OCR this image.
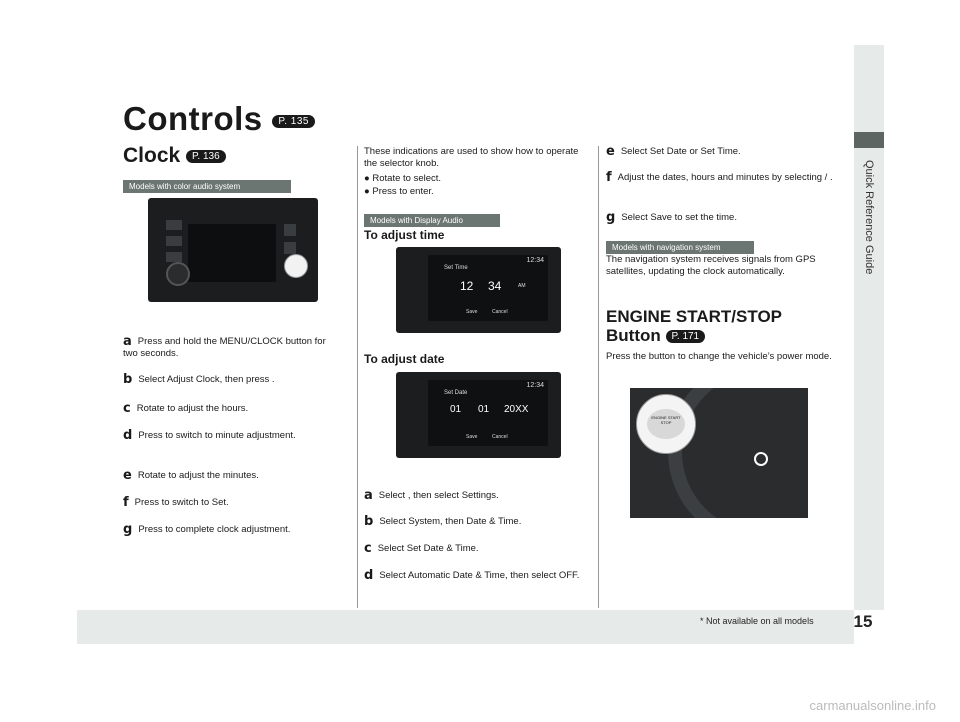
Quick Reference Guide
15
* Not available on all models
carmanualsonline.info
Controls P. 135
Clock P. 136
Models with color audio system
a Press and hold the MENU/CLOCK button for two seconds.
b Select Adjust Clock, then press .
c Rotate to adjust the hours.
d Press to switch to minute adjustment.
e Rotate to adjust the minutes.
f Press to switch to Set.
g Press to complete clock adjustment.
These indications are used to show how to operate the selector knob.
● Rotate to select.
● Press to enter.
Models with Display Audio
To adjust time
12:34
Set Time
12 34	AM
Save	Cancel
To adjust date
12:34
Set Date
01 01 20XX
Save	Cancel
a Select , then select Settings.
b Select System, then Date & Time.
c Select Set Date & Time.
d Select Automatic Date & Time, then select OFF.
e Select Set Date or Set Time.
f Adjust the dates, hours and minutes by selecting / .
g Select Save to set the time.
Models with navigation system
The navigation system receives signals from GPS satellites, updating the clock automatically.
ENGINE START/STOP
Button P. 171
Press the button to change the vehicle’s power mode.
ENGINE START STOP
